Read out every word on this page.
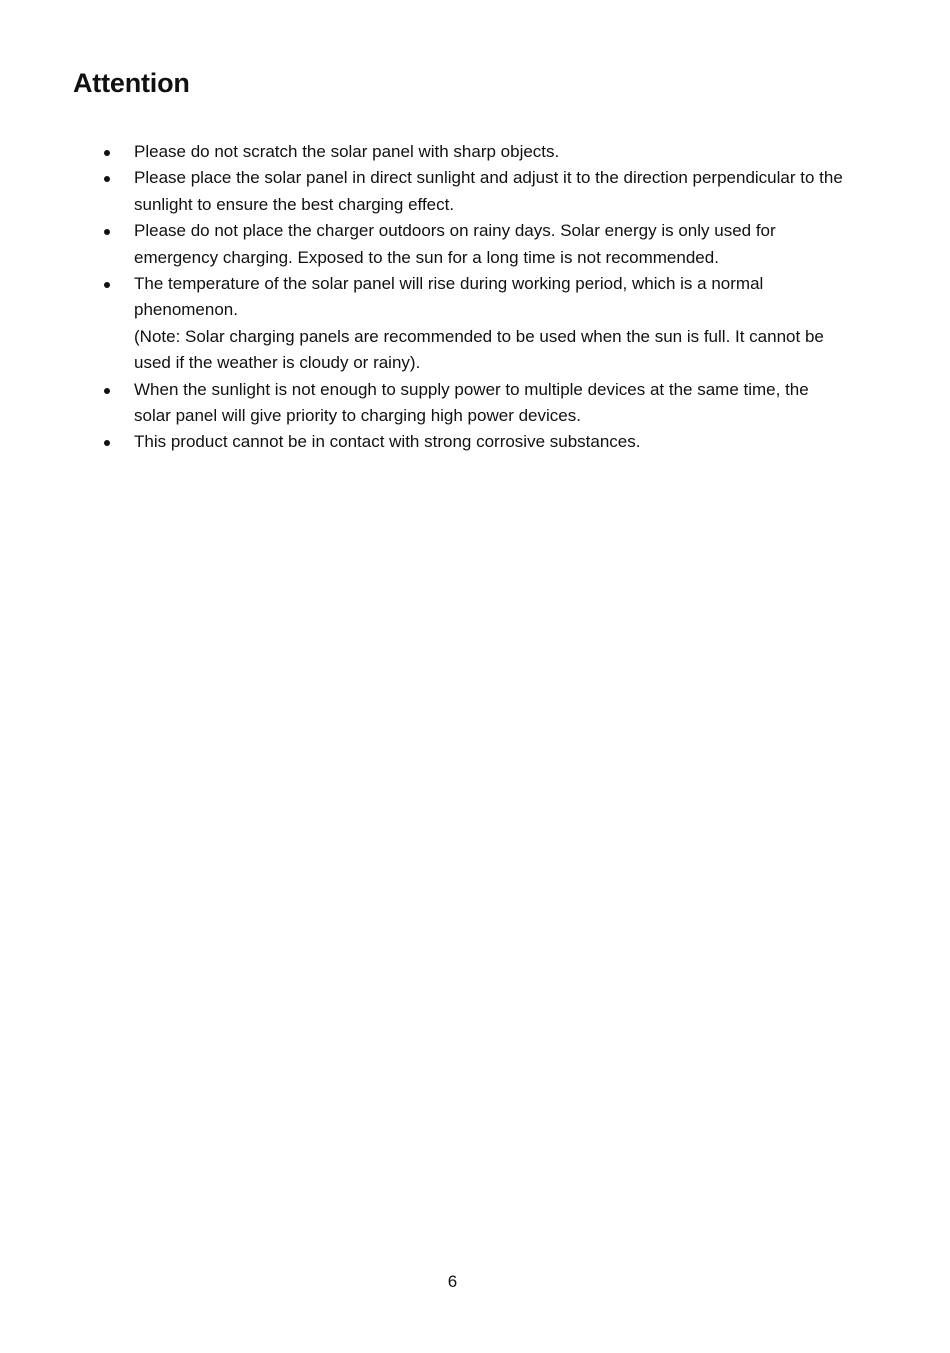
Attention
Please do not scratch the solar panel with sharp objects.
Please place the solar panel in direct sunlight and adjust it to the direction perpendicular to the sunlight to ensure the best charging effect.
Please do not place the charger outdoors on rainy days. Solar energy is only used for emergency charging. Exposed to the sun for a long time is not recommended.
The temperature of the solar panel will rise during working period, which is a normal phenomenon.
(Note: Solar charging panels are recommended to be used when the sun is full. It cannot be used if the weather is cloudy or rainy).
When the sunlight is not enough to supply power to multiple devices at the same time, the solar panel will give priority to charging high power devices.
This product cannot be in contact with strong corrosive substances.
6
